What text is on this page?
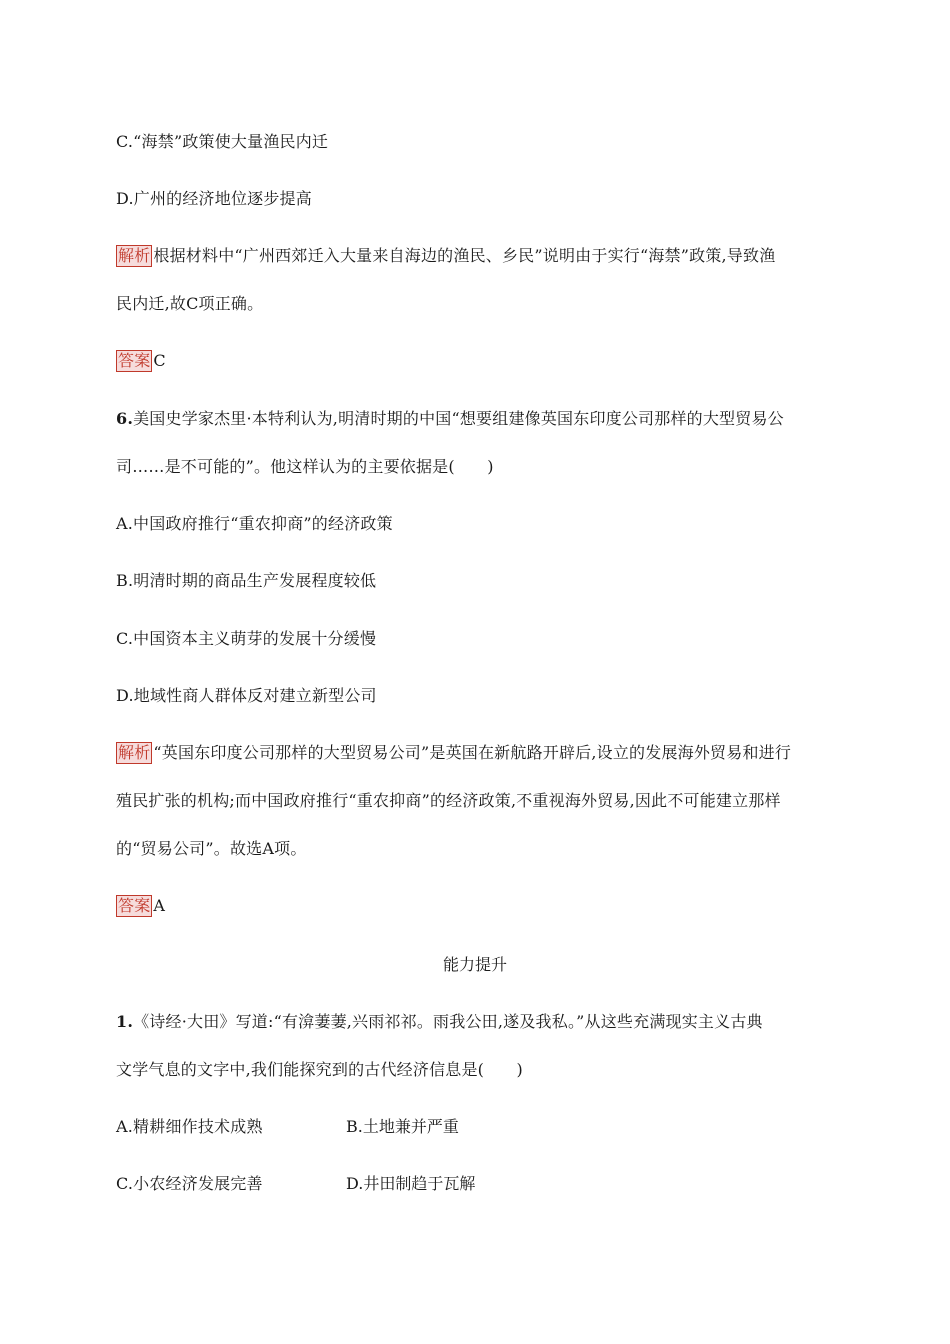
C.“海禁”政策使大量渔民内迁
D.广州的经济地位逐步提高
解析 根据材料中“广州西郊迁入大量来自海边的渔民、乡民”说明由于实行“海禁”政策,导致渔
民内迁,故C项正确。
答案 C
6.美国史学家杰里·本特利认为,明清时期的中国“想要组建像英国东印度公司那样的大型贸易公
司……是不可能的”。他这样认为的主要依据是(　　)
A.中国政府推行“重农抑商”的经济政策
B.明清时期的商品生产发展程度较低
C.中国资本主义萌芽的发展十分缓慢
D.地域性商人群体反对建立新型公司
解析 “英国东印度公司那样的大型贸易公司”是英国在新航路开辟后,设立的发展海外贸易和进行
殖民扩张的机构;而中国政府推行“重农抑商”的经济政策,不重视海外贸易,因此不可能建立那样
的“贸易公司”。故选A项。
答案 A
能力提升
1.《诗经·大田》写道:“有渰萋萋,兴雨祁祁。雨我公田,遂及我私。”从这些充满现实主义古典
文学气息的文字中,我们能探究到的古代经济信息是(　　)
A.精耕细作技术成熟	B.土地兼并严重
C.小农经济发展完善	D.井田制趋于瓦解
